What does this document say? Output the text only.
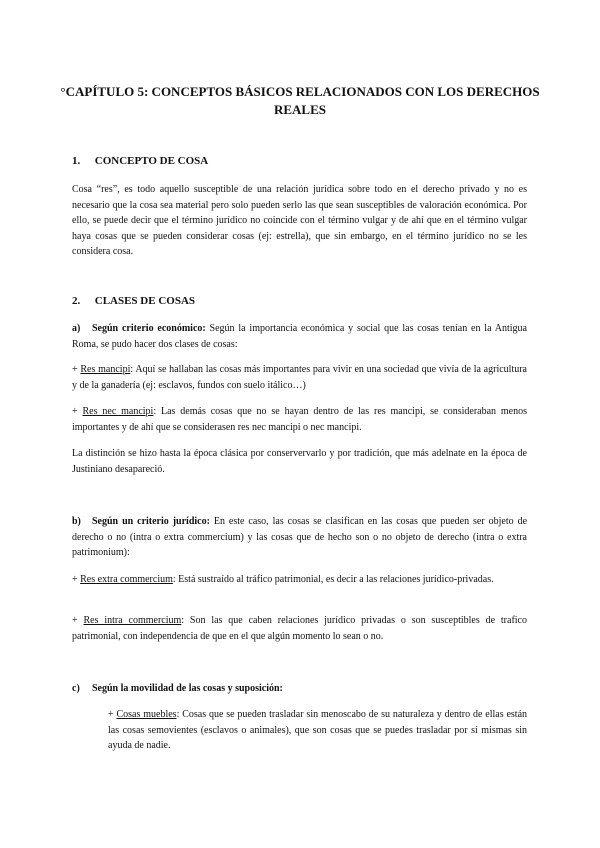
°CAPÍTULO 5: CONCEPTOS BÁSICOS RELACIONADOS CON LOS DERECHOS REALES
1. CONCEPTO DE COSA
Cosa “res”, es todo aquello susceptible de una relación jurídica sobre todo en el derecho privado y no es necesario que la cosa sea material pero solo pueden serlo las que sean susceptibles de valoración económica. Por ello, se puede decir que el término jurídico no coincide con el término vulgar y de ahí que en el término vulgar haya cosas que se pueden considerar cosas (ej: estrella), que sin embargo, en el término jurídico no se les considera cosa.
2. CLASES DE COSAS
a) Según criterio económico: Según la importancia económica y social que las cosas tenían en la Antigua Roma, se pudo hacer dos clases de cosas:
+ Res mancipi: Aquí se hallaban las cosas más importantes para vivir en una sociedad que vivía de la agricultura y de la ganadería (ej: esclavos, fundos con suelo itálico…)
+ Res nec mancipi: Las demás cosas que no se hayan dentro de las res mancipi, se consideraban menos importantes y de ahí que se considerasen res nec mancipi o nec mancipi.
La distinción se hizo hasta la época clásica por conservervarlo y por tradición, que más adelnate en la época de Justiniano desapareció.
b) Según un criterio jurídico: En este caso, las cosas se clasifican en las cosas que pueden ser objeto de derecho o no (intra o extra commercium) y las cosas que de hecho son o no objeto de derecho (intra o extra patrimonium):
+ Res extra commercium: Está sustraído al tráfico patrimonial, es decir a las relaciones jurídico-privadas.
+ Res intra commercium: Son las que caben relaciones jurídico privadas o son susceptibles de trafico patrimonial, con independencia de que en el que algún momento lo sean o no.
c) Según la movilidad de las cosas y suposición:
+ Cosas muebles: Cosas que se pueden trasladar sin menoscabo de su naturaleza y dentro de ellas están las cosas semovientes (esclavos o animales), que son cosas que se puedes trasladar por sí mismas sin ayuda de nadie.
